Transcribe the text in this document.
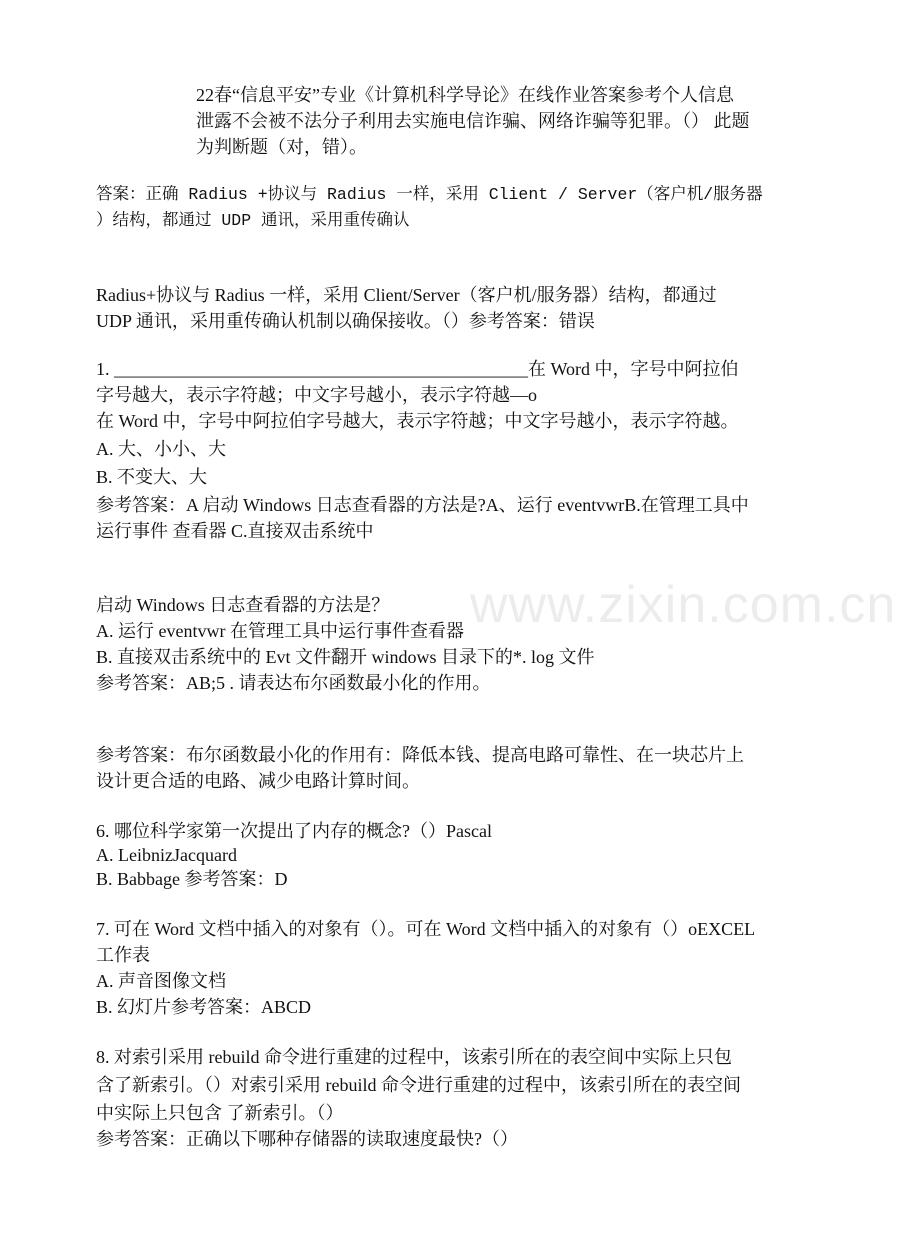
www.zixin.com.cn
22春“信息平安”专业《计算机科学导论》在线作业答案参考个人信息
泄露不会被不法分子利用去实施电信诈骗、网络诈骗等犯罪。（） 此题
为判断题（对，错）。
答案：正确 Radius +协议与 Radius 一样，采用 Client / Server（客户机/服务器
）结构，都通过 UDP 通讯，采用重传确认
Radius+协议与 Radius 一样，采用 Client/Server（客户机/服务器）结构，都通过
UDP 通讯，采用重传确认机制以确保接收。（）参考答案：错误
1. ______________________________________________在 Word 中，字号中阿拉伯
字号越大，表示字符越；中文字号越小，表示字符越—o
在 Word 中，字号中阿拉伯字号越大，表示字符越；中文字号越小，表示字符越。
A. 大、小小、大
B. 不变大、大
参考答案：A 启动 Windows 日志查看器的方法是?A、运行 eventvwrB.在管理工具中
运行事件 查看器 C.直接双击系统中
启动 Windows 日志查看器的方法是？
A. 运行 eventvwr 在管理工具中运行事件查看器
B. 直接双击系统中的 Evt 文件翻开 windows 目录下的*. log 文件
参考答案：AB;5 . 请表达布尔函数最小化的作用。
参考答案：布尔函数最小化的作用有：降低本钱、提高电路可靠性、在一块芯片上
设计更合适的电路、减少电路计算时间。
6. 哪位科学家第一次提出了内存的概念?（）Pascal
A. LeibnizJacquard
B. Babbage 参考答案：D
7. 可在 Word 文档中插入的对象有（）。可在 Word 文档中插入的对象有（）oEXCEL
工作表
A. 声音图像文档
B. 幻灯片参考答案：ABCD
8. 对索引采用 rebuild 命令进行重建的过程中，该索引所在的表空间中实际上只包
含了新索引。（）对索引采用 rebuild 命令进行重建的过程中，该索引所在的表空间
中实际上只包含 了新索引。（）
参考答案：正确以下哪种存储器的读取速度最快?（）
